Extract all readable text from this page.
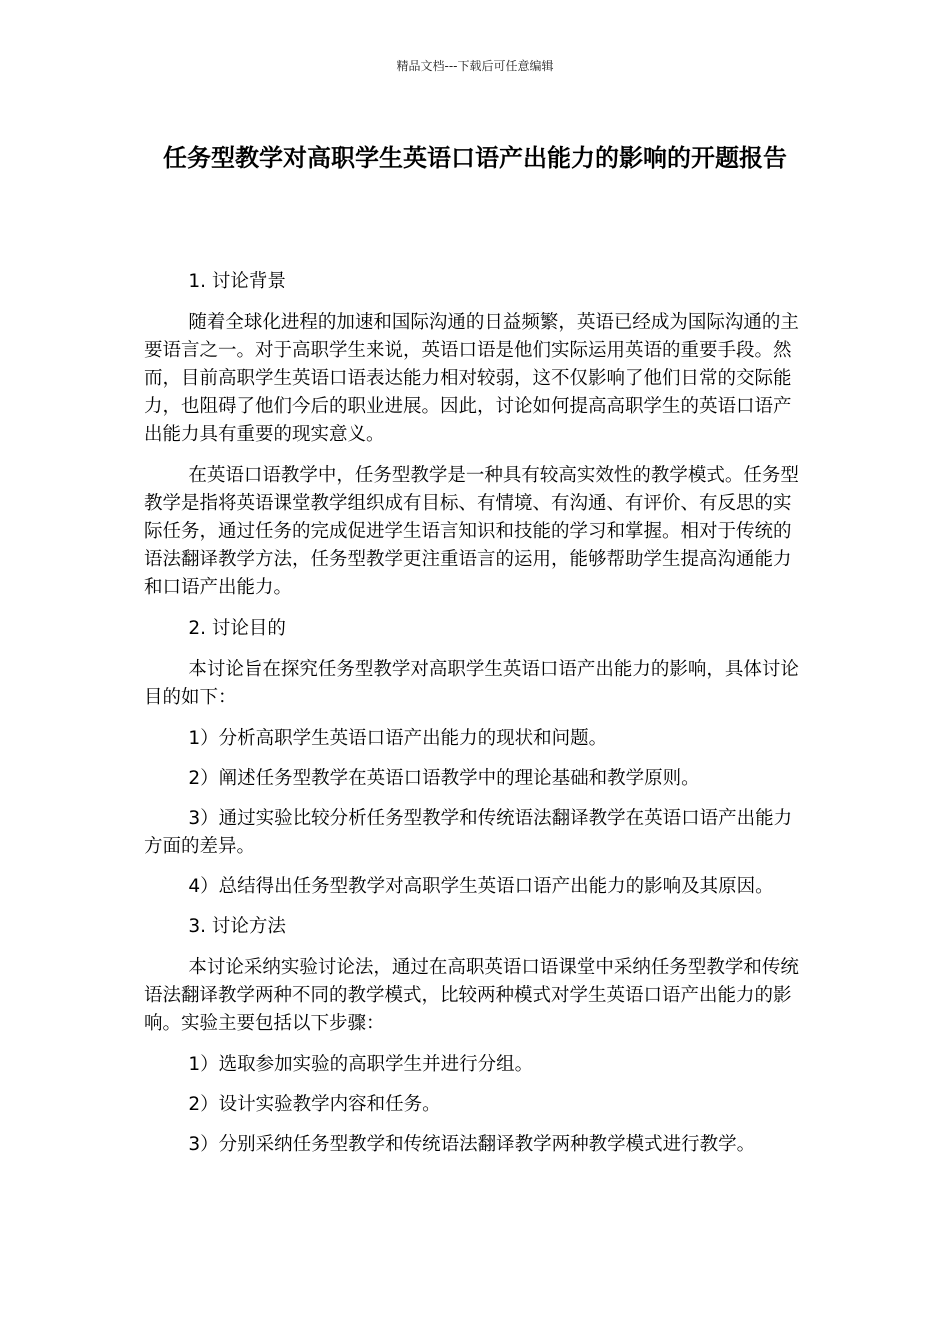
精品文档---下载后可任意编辑
任务型教学对高职学生英语口语产出能力的影响的开题报告

1. 讨论背景

随着全球化进程的加速和国际沟通的日益频繁，英语已经成为国际沟通的主要语言之一。对于高职学生来说，英语口语是他们实际运用英语的重要手段。然而，目前高职学生英语口语表达能力相对较弱，这不仅影响了他们日常的交际能力，也阻碍了他们今后的职业进展。因此，讨论如何提高高职学生的英语口语产出能力具有重要的现实意义。

在英语口语教学中，任务型教学是一种具有较高实效性的教学模式。任务型教学是指将英语课堂教学组织成有目标、有情境、有沟通、有评价、有反思的实际任务，通过任务的完成促进学生语言知识和技能的学习和掌握。相对于传统的语法翻译教学方法，任务型教学更注重语言的运用，能够帮助学生提高沟通能力和口语产出能力。

2. 讨论目的

本讨论旨在探究任务型教学对高职学生英语口语产出能力的影响，具体讨论目的如下：

1）分析高职学生英语口语产出能力的现状和问题。

2）阐述任务型教学在英语口语教学中的理论基础和教学原则。

3）通过实验比较分析任务型教学和传统语法翻译教学在英语口语产出能力方面的差异。

4）总结得出任务型教学对高职学生英语口语产出能力的影响及其原因。

3. 讨论方法

本讨论采纳实验讨论法，通过在高职英语口语课堂中采纳任务型教学和传统语法翻译教学两种不同的教学模式，比较两种模式对学生英语口语产出能力的影响。实验主要包括以下步骤：

1）选取参加实验的高职学生并进行分组。

2）设计实验教学内容和任务。

3）分别采纳任务型教学和传统语法翻译教学两种教学模式进行教学。
